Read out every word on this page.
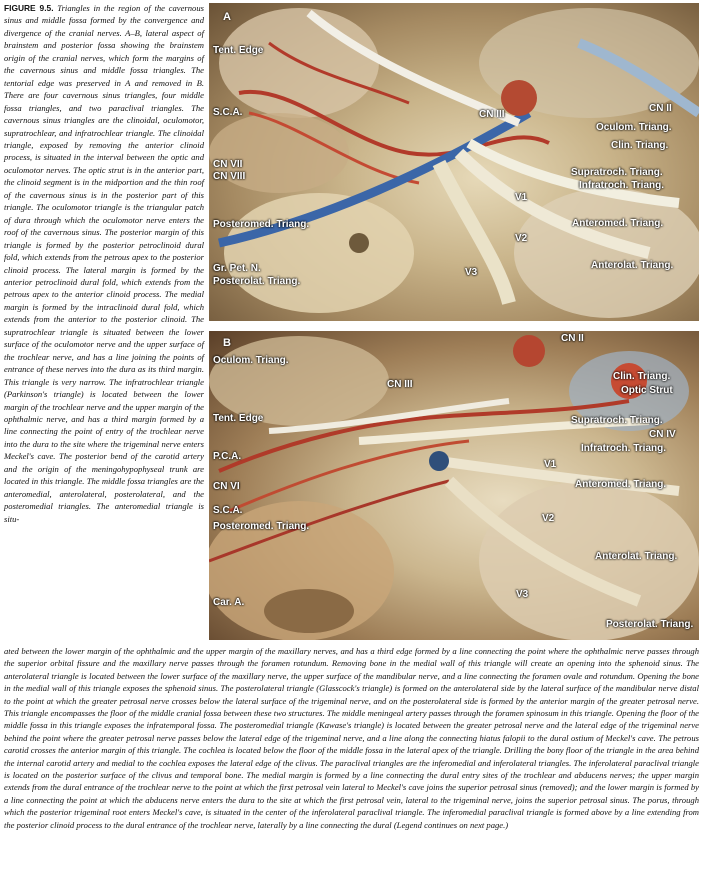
FIGURE 9.5. Triangles in the region of the cavernous sinus and middle fossa formed by the convergence and divergence of the cranial nerves. A–B, lateral aspect of brainstem and posterior fossa showing the brainstem origin of the cranial nerves, which form the margins of the cavernous sinus and middle fossa triangles. The tentorial edge was preserved in A and removed in B. There are four cavernous sinus triangles, four middle fossa triangles, and two paraclival triangles. The cavernous sinus triangles are the clinoidal, oculomotor, supratrochlear, and infratrochlear triangle. The clinoidal triangle, exposed by removing the anterior clinoid process, is situated in the interval between the optic and oculomotor nerves. The optic strut is in the anterior part, the clinoid segment is in the midportion and the thin roof of the cavernous sinus is in the posterior part of this triangle. The oculomotor triangle is the triangular patch of dura through which the oculomotor nerve enters the roof of the cavernous sinus. The posterior margin of this triangle is formed by the posterior petroclinoid dural fold, which extends from the petrous apex to the posterior clinoid process. The lateral margin is formed by the anterior petroclinoid dural fold, which extends from the petrous apex to the anterior clinoid process. The medial margin is formed by the intraclinoid dural fold, which extends from the anterior to the posterior clinoid. The supratrochlear triangle is situated between the lower surface of the oculomotor nerve and the upper surface of the trochlear nerve, and has a line joining the points of entrance of these nerves into the dura as its third margin. This triangle is very narrow. The infratrochlear triangle (Parkinson's triangle) is located between the lower margin of the trochlear nerve and the upper margin of the ophthalmic nerve, and has a third margin formed by a line connecting the point of entry of the trochlear nerve into the dura to the site where the trigeminal nerve enters Meckel's cave. The posterior bend of the carotid artery and the origin of the meningohypophyseal trunk are located in this triangle. The middle fossa triangles are the anteromedial, anterolateral, posterolateral, and the posteromedial triangles. The anteromedial triangle is situ-
A
Tent. Edge
S.C.A.
CN VII
CN VIII
Posteromed. Triang.
Gr. Pet. N.
Posterolat. Triang.
CN III
CN II
Oculom. Triang.
Clin. Triang.
Supratroch. Triang.
Infratroch. Triang.
V1
Anteromed. Triang.
V2
Anterolat. Triang.
V3
B	CN II
Oculom. Triang.
CN III
Clin. Triang.
Optic Strut
Tent. Edge	Supratroch. Triang.
CN IV
Infratroch. Triang.
P.C.A.
V1
CN VI	Anteromed. Triang.
S.C.A.
Posteromed. Triang.
V2
Anterolat. Triang.
V3
Car. A.
Posterolat. Triang.
ated between the lower margin of the ophthalmic and the upper margin of the maxillary nerves, and has a third edge formed by a line connecting the point where the ophthalmic nerve passes through the superior orbital fissure and the maxillary nerve passes through the foramen rotundum. Removing bone in the medial wall of this triangle will create an opening into the sphenoid sinus. The anterolateral triangle is located between the lower surface of the maxillary nerve, the upper surface of the mandibular nerve, and a line connecting the foramen ovale and rotundum. Opening the bone in the medial wall of this triangle exposes the sphenoid sinus. The posterolateral triangle (Glasscock's triangle) is formed on the anterolateral side by the lateral surface of the mandibular nerve distal to the point at which the greater petrosal nerve crosses below the lateral surface of the trigeminal nerve, and on the posterolateral side is formed by the anterior margin of the greater petrosal nerve. This triangle encompasses the floor of the middle cranial fossa between these two structures. The middle meningeal artery passes through the foramen spinosum in this triangle. Opening the floor of the middle fossa in this triangle exposes the infratemporal fossa. The posteromedial triangle (Kawase's triangle) is located between the greater petrosal nerve and the lateral edge of the trigeminal nerve behind the point where the greater petrosal nerve passes below the lateral edge of the trigeminal nerve, and a line along the connecting hiatus falopii to the dural ostium of Meckel's cave. The petrous carotid crosses the anterior margin of this triangle. The cochlea is located below the floor of the middle fossa in the lateral apex of the triangle. Drilling the bony floor of the triangle in the area behind the internal carotid artery and medial to the cochlea exposes the lateral edge of the clivus. The paraclival triangles are the inferomedial and inferolateral triangles. The inferolateral paraclival triangle is located on the posterior surface of the clivus and temporal bone. The medial margin is formed by a line connecting the dural entry sites of the trochlear and abducens nerves; the upper margin extends from the dural entrance of the trochlear nerve to the point at which the first petrosal vein lateral to Meckel's cave joins the superior petrosal sinus (removed); and the lower margin is formed by a line connecting the point at which the abducens nerve enters the dura to the site at which the first petrosal vein, lateral to the trigeminal nerve, joins the superior petrosal sinus. The porus, through which the posterior trigeminal root enters Meckel's cave, is situated in the center of the inferolateral paraclival triangle. The inferomedial paraclival triangle is formed above by a line extending from the posterior clinoid process to the dural entrance of the trochlear nerve, laterally by a line connecting the dural (Legend continues on next page.)
